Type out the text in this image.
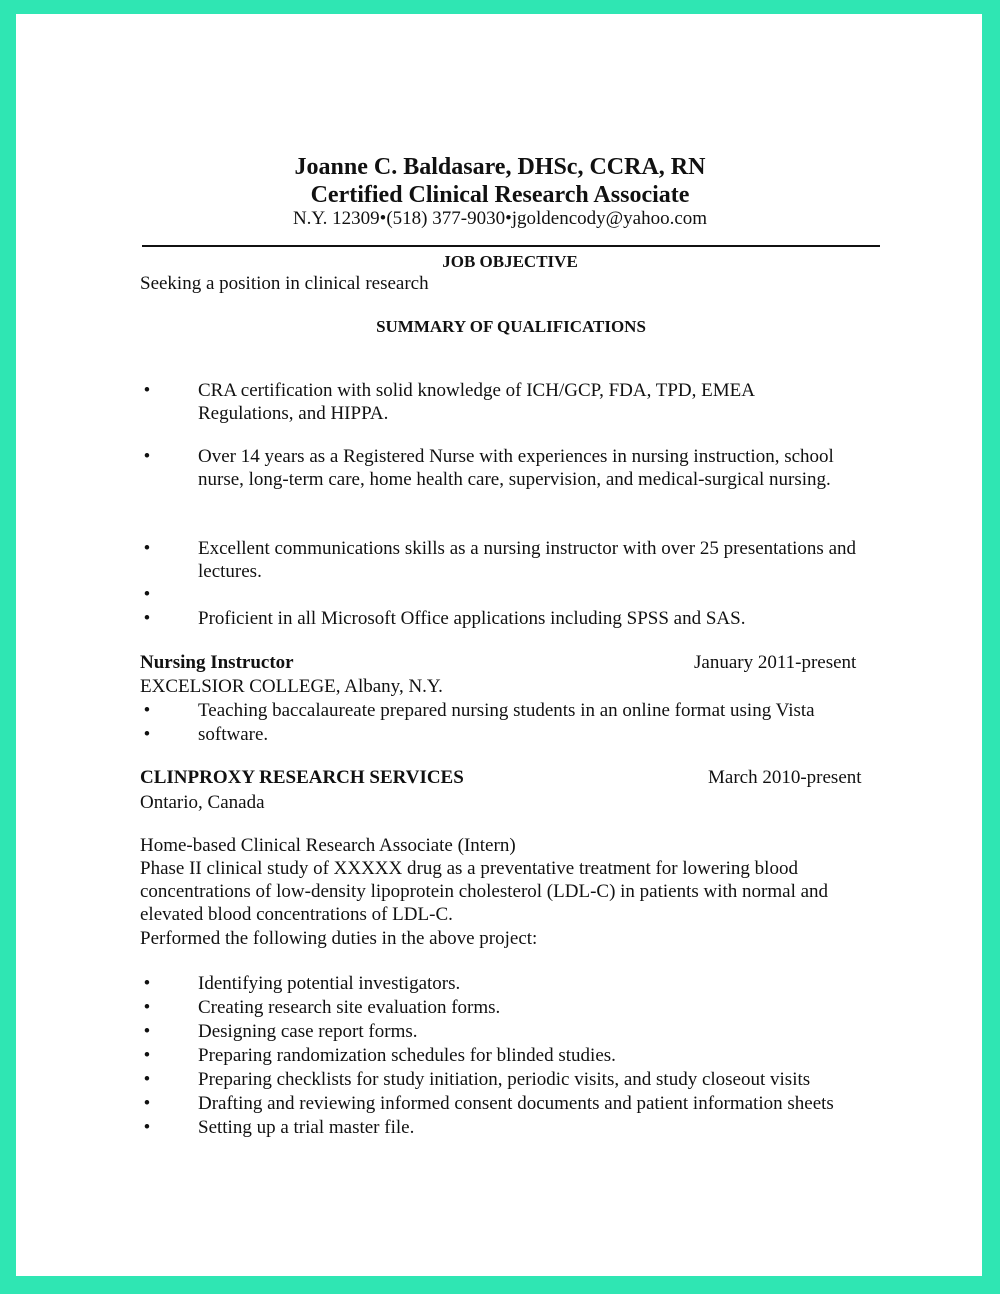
Joanne C. Baldasare, DHSc, CCRA, RN
Certified Clinical Research Associate
N.Y. 12309•(518) 377-9030•jgoldencody@yahoo.com
JOB OBJECTIVE
Seeking a position in clinical research
SUMMARY OF QUALIFICATIONS
•	CRA certification with solid knowledge of ICH/GCP, FDA, TPD, EMEA Regulations, and HIPPA.
•	Over 14 years as a Registered Nurse with experiences in nursing instruction, school nurse, long-term care, home health care, supervision, and medical-surgical nursing.
•	Excellent communications skills as a nursing instructor with over 25 presentations and lectures.
•
•	Proficient in all Microsoft Office applications including SPSS and SAS.
Nursing Instructor	January 2011-present
EXCELSIOR COLLEGE, Albany, N.Y.
•	Teaching baccalaureate prepared nursing students in an online format using Vista
•	software.
CLINPROXY RESEARCH SERVICES	March 2010-present
Ontario, Canada
Home-based Clinical Research Associate (Intern)
Phase II clinical study of XXXXX drug as a preventative treatment for lowering blood
concentrations of low-density lipoprotein cholesterol (LDL-C) in patients with normal and
elevated blood concentrations of LDL-C.
Performed the following duties in the above project:
•	Identifying potential investigators.
•	Creating research site evaluation forms.
•	Designing case report forms.
•	Preparing randomization schedules for blinded studies.
•	Preparing checklists for study initiation, periodic visits, and study closeout visits
•	Drafting and reviewing informed consent documents and patient information sheets
•	Setting up a trial master file.
